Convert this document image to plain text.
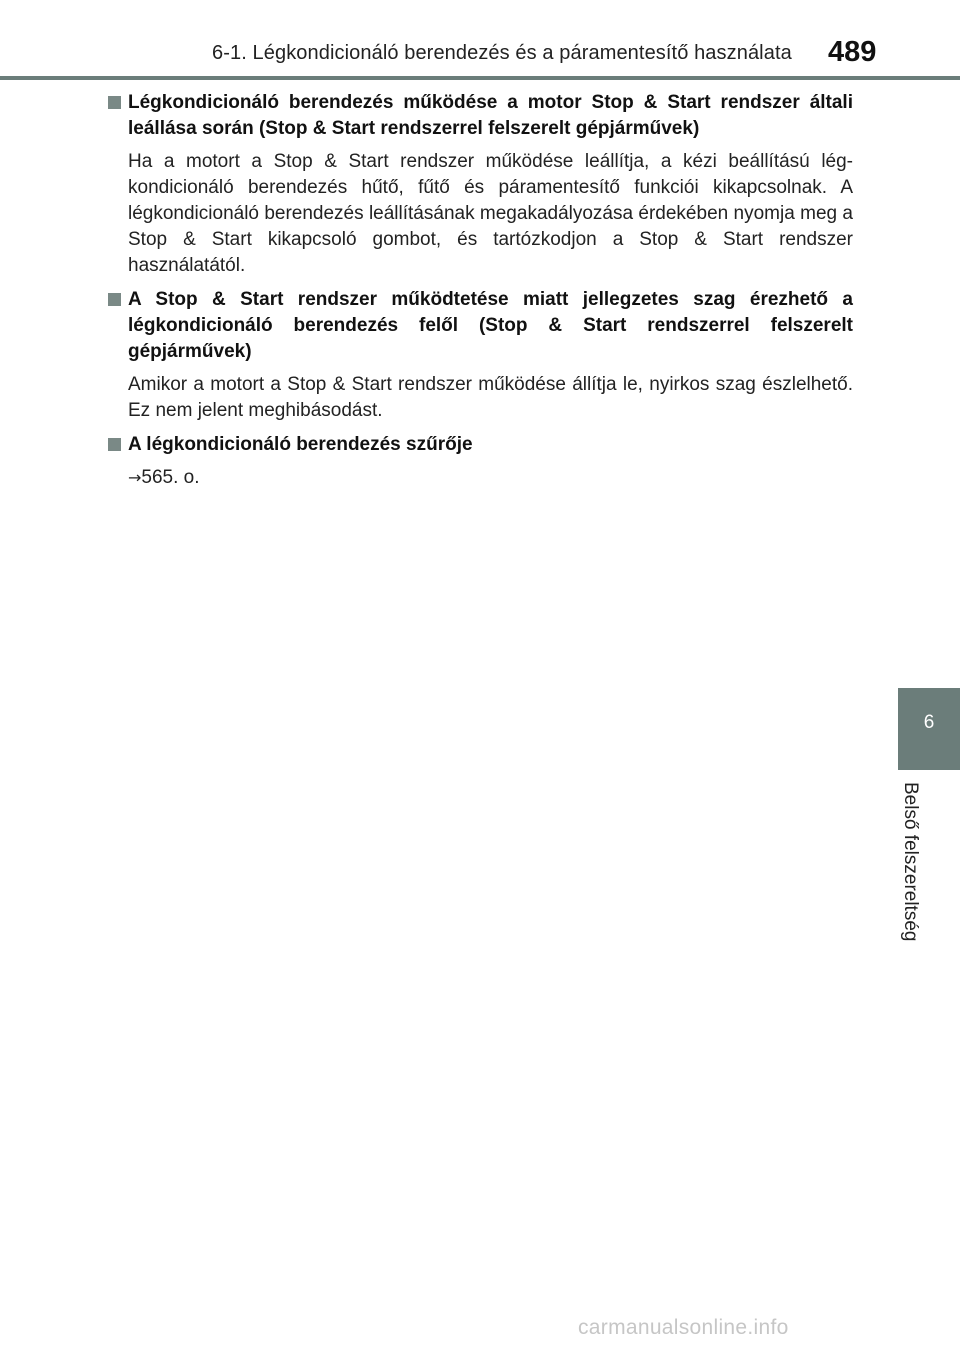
6-1. Légkondicionáló berendezés és a páramentesítő használata 489
6
Belső felszereltség
Légkondicionáló berendezés működése a motor Stop & Start rendszer általi leállása során (Stop & Start rendszerrel felszerelt gépjárművek)
Ha a motort a Stop & Start rendszer működése leállítja, a kézi beállítású lég-kondicionáló berendezés hűtő, fűtő és páramentesítő funkciói kikapcsolnak. A légkondicionáló berendezés leállításának megakadályozása érdekében nyomja meg a Stop & Start kikapcsoló gombot, és tartózkodjon a Stop & Start rendszer használatától.
A Stop & Start rendszer működtetése miatt jellegzetes szag érezhető a légkondicionáló berendezés felől (Stop & Start rendszerrel felszerelt gépjárművek)
Amikor a motort a Stop & Start rendszer működése állítja le, nyirkos szag észlelhető. Ez nem jelent meghibásodást.
A légkondicionáló berendezés szűrője
→565. o.
carmanualsonline.info
